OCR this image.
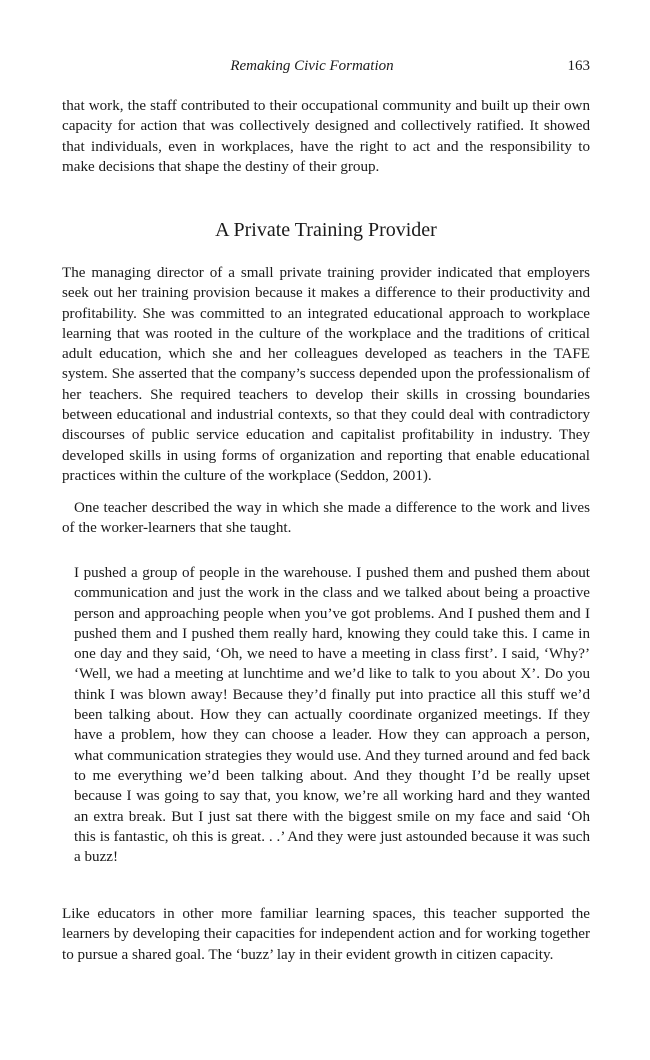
Remaking Civic Formation	163

that work, the staff contributed to their occupational community and built up their own capacity for action that was collectively designed and collectively ratified. It showed that individuals, even in workplaces, have the right to act and the responsibility to make decisions that shape the destiny of their group.

A Private Training Provider

The managing director of a small private training provider indicated that employers seek out her training provision because it makes a difference to their productivity and profitability. She was committed to an integrated educational approach to workplace learning that was rooted in the culture of the workplace and the traditions of critical adult education, which she and her colleagues developed as teachers in the TAFE system. She asserted that the company’s success depended upon the professionalism of her teachers. She required teachers to develop their skills in crossing boundaries between educational and industrial contexts, so that they could deal with contradictory discourses of public service education and capitalist profitability in industry. They developed skills in using forms of organization and reporting that enable educational practices within the culture of the workplace (Seddon, 2001).

One teacher described the way in which she made a difference to the work and lives of the worker-learners that she taught.

I pushed a group of people in the warehouse. I pushed them and pushed them about communication and just the work in the class and we talked about being a proactive person and approaching people when you’ve got problems. And I pushed them and I pushed them and I pushed them really hard, knowing they could take this. I came in one day and they said, ‘Oh, we need to have a meeting in class first’. I said, ‘Why?’ ‘Well, we had a meeting at lunchtime and we’d like to talk to you about X’. Do you think I was blown away! Because they’d finally put into practice all this stuff we’d been talking about. How they can actually coordinate organized meetings. If they have a problem, how they can choose a leader. How they can approach a person, what communication strategies they would use. And they turned around and fed back to me everything we’d been talking about. And they thought I’d be really upset because I was going to say that, you know, we’re all working hard and they wanted an extra break. But I just sat there with the biggest smile on my face and said ‘Oh this is fantastic, oh this is great. . .’ And they were just astounded because it was such a buzz!

Like educators in other more familiar learning spaces, this teacher supported the learners by developing their capacities for independent action and for working together to pursue a shared goal. The ‘buzz’ lay in their evident growth in citizen capacity.
